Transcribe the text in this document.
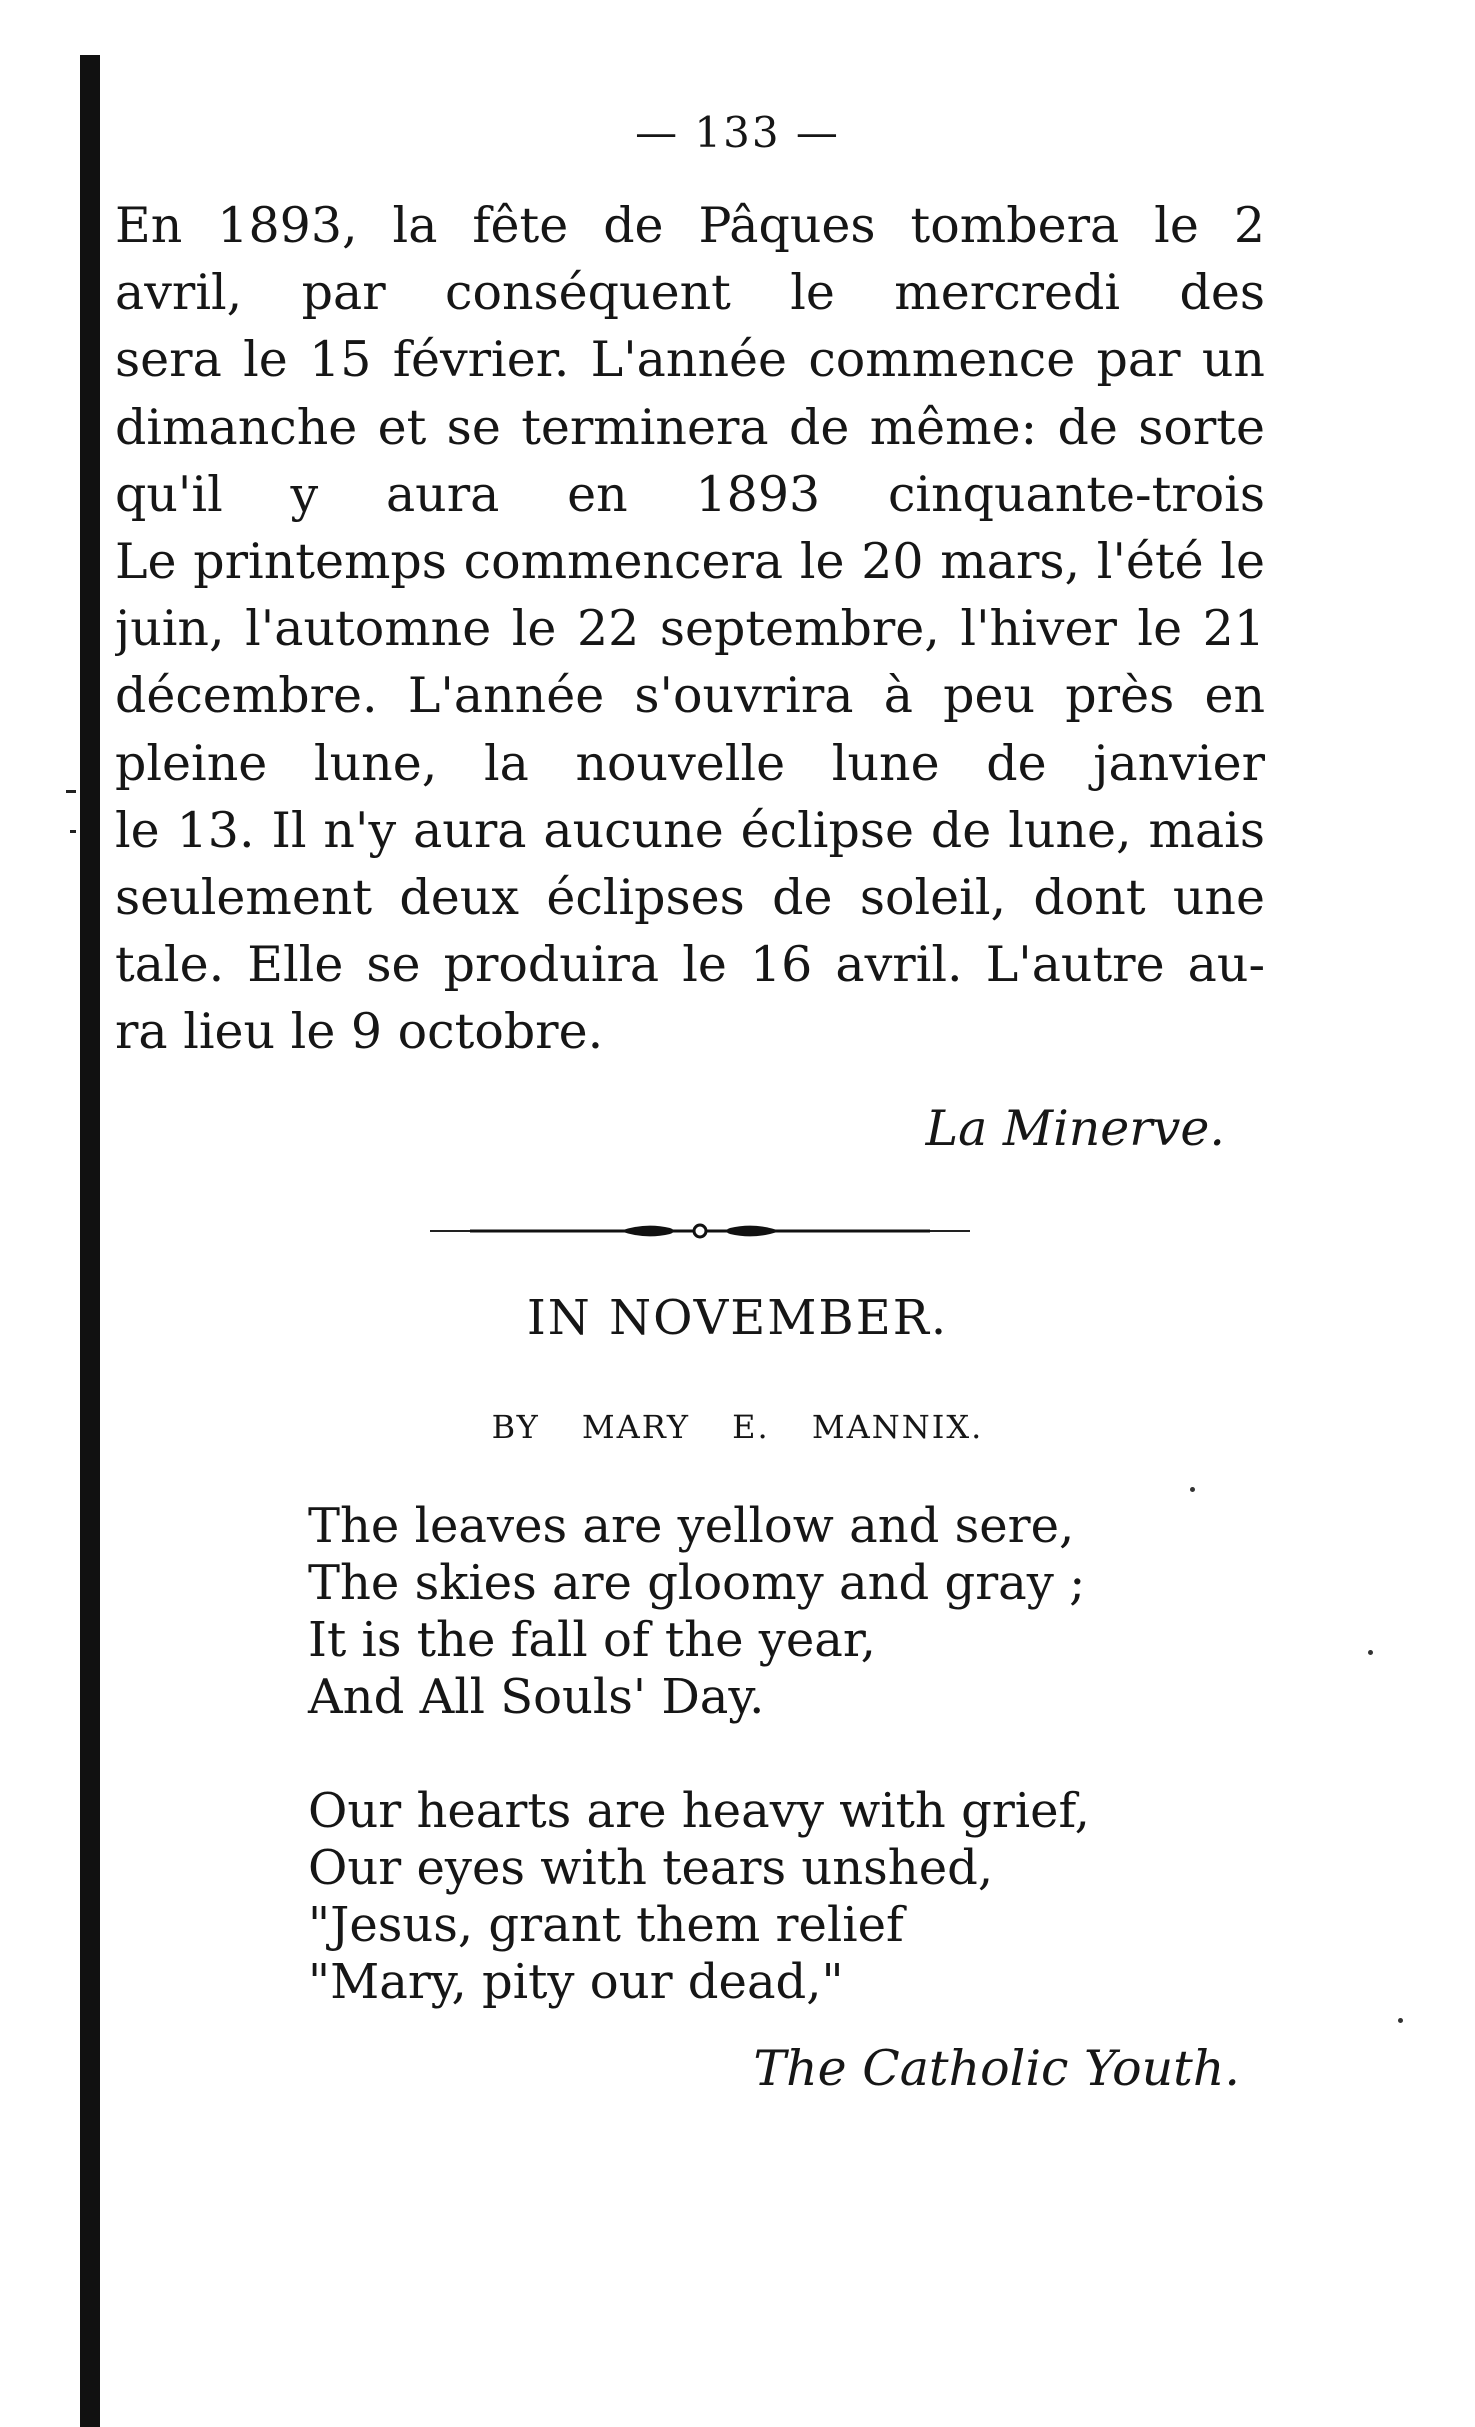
— 133 —
En 1893, la fête de Pâques tombera le 2
avril, par conséquent le mercredi des
sera le 15 février. L'année commence par un
dimanche et se terminera de même: de sorte
qu'il y aura en 1893 cinquante-trois
Le printemps commencera le 20 mars, l'été le
juin, l'automne le 22 septembre, l'hiver le 21
décembre. L'année s'ouvrira à peu près en
pleine lune, la nouvelle lune de janvier
le 13. Il n'y aura aucune éclipse de lune, mais
seulement deux éclipses de soleil, dont une
tale. Elle se produira le 16 avril. L'autre au-
ra lieu le 9 octobre.
La Minerve.
IN NOVEMBER.
BY MARY E. MANNIX.
The leaves are yellow and sere,
The skies are gloomy and gray ;
It is the fall of the year,
And All Souls' Day.
Our hearts are heavy with grief,
Our eyes with tears unshed,
"Jesus, grant them relief
"Mary, pity our dead,"
The Catholic Youth.
